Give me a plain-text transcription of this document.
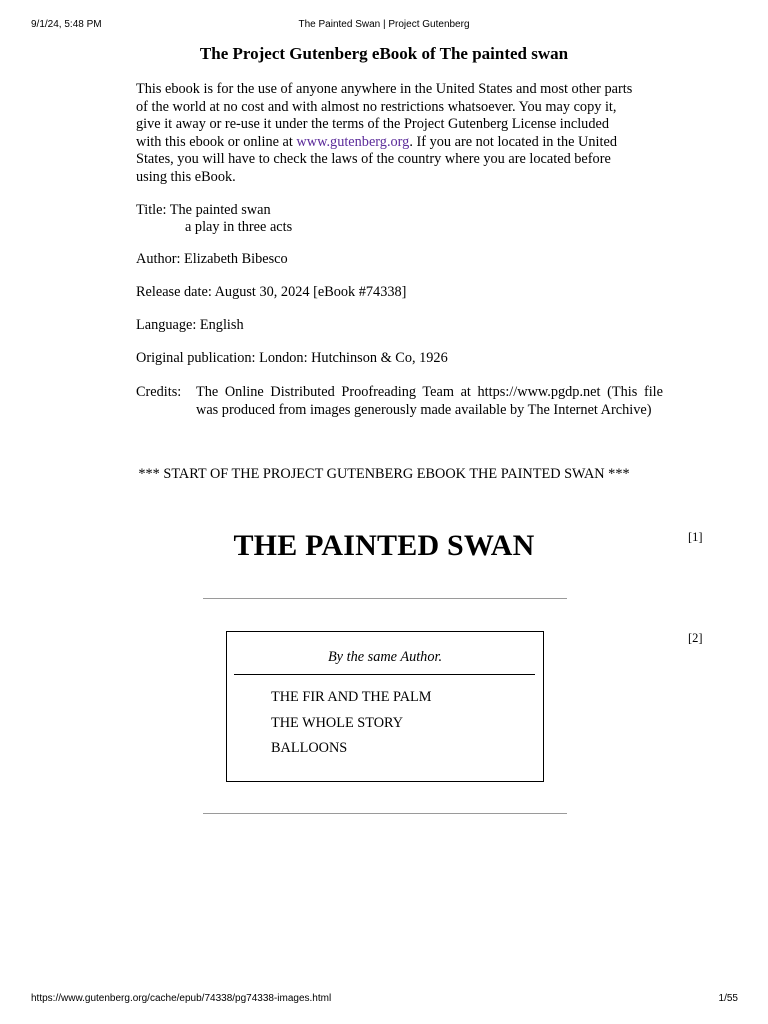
9/1/24, 5:48 PM	The Painted Swan | Project Gutenberg
The Project Gutenberg eBook of The painted swan
This ebook is for the use of anyone anywhere in the United States and most other parts
of the world at no cost and with almost no restrictions whatsoever. You may copy it,
give it away or re-use it under the terms of the Project Gutenberg License included
with this ebook or online at www.gutenberg.org. If you are not located in the United
States, you will have to check the laws of the country where you are located before
using this eBook.
Title: The painted swan
a play in three acts
Author: Elizabeth Bibesco
Release date: August 30, 2024 [eBook #74338]
Language: English
Original publication: London: Hutchinson & Co, 1926
Credits: The Online Distributed Proofreading Team at https://www.pgdp.net (This file was produced from images generously made available by The Internet Archive)
*** START OF THE PROJECT GUTENBERG EBOOK THE PAINTED SWAN ***
THE PAINTED SWAN	[1]
[2]
By the same Author.
THE FIR AND THE PALM
THE WHOLE STORY
BALLOONS
https://www.gutenberg.org/cache/epub/74338/pg74338-images.html	1/55
